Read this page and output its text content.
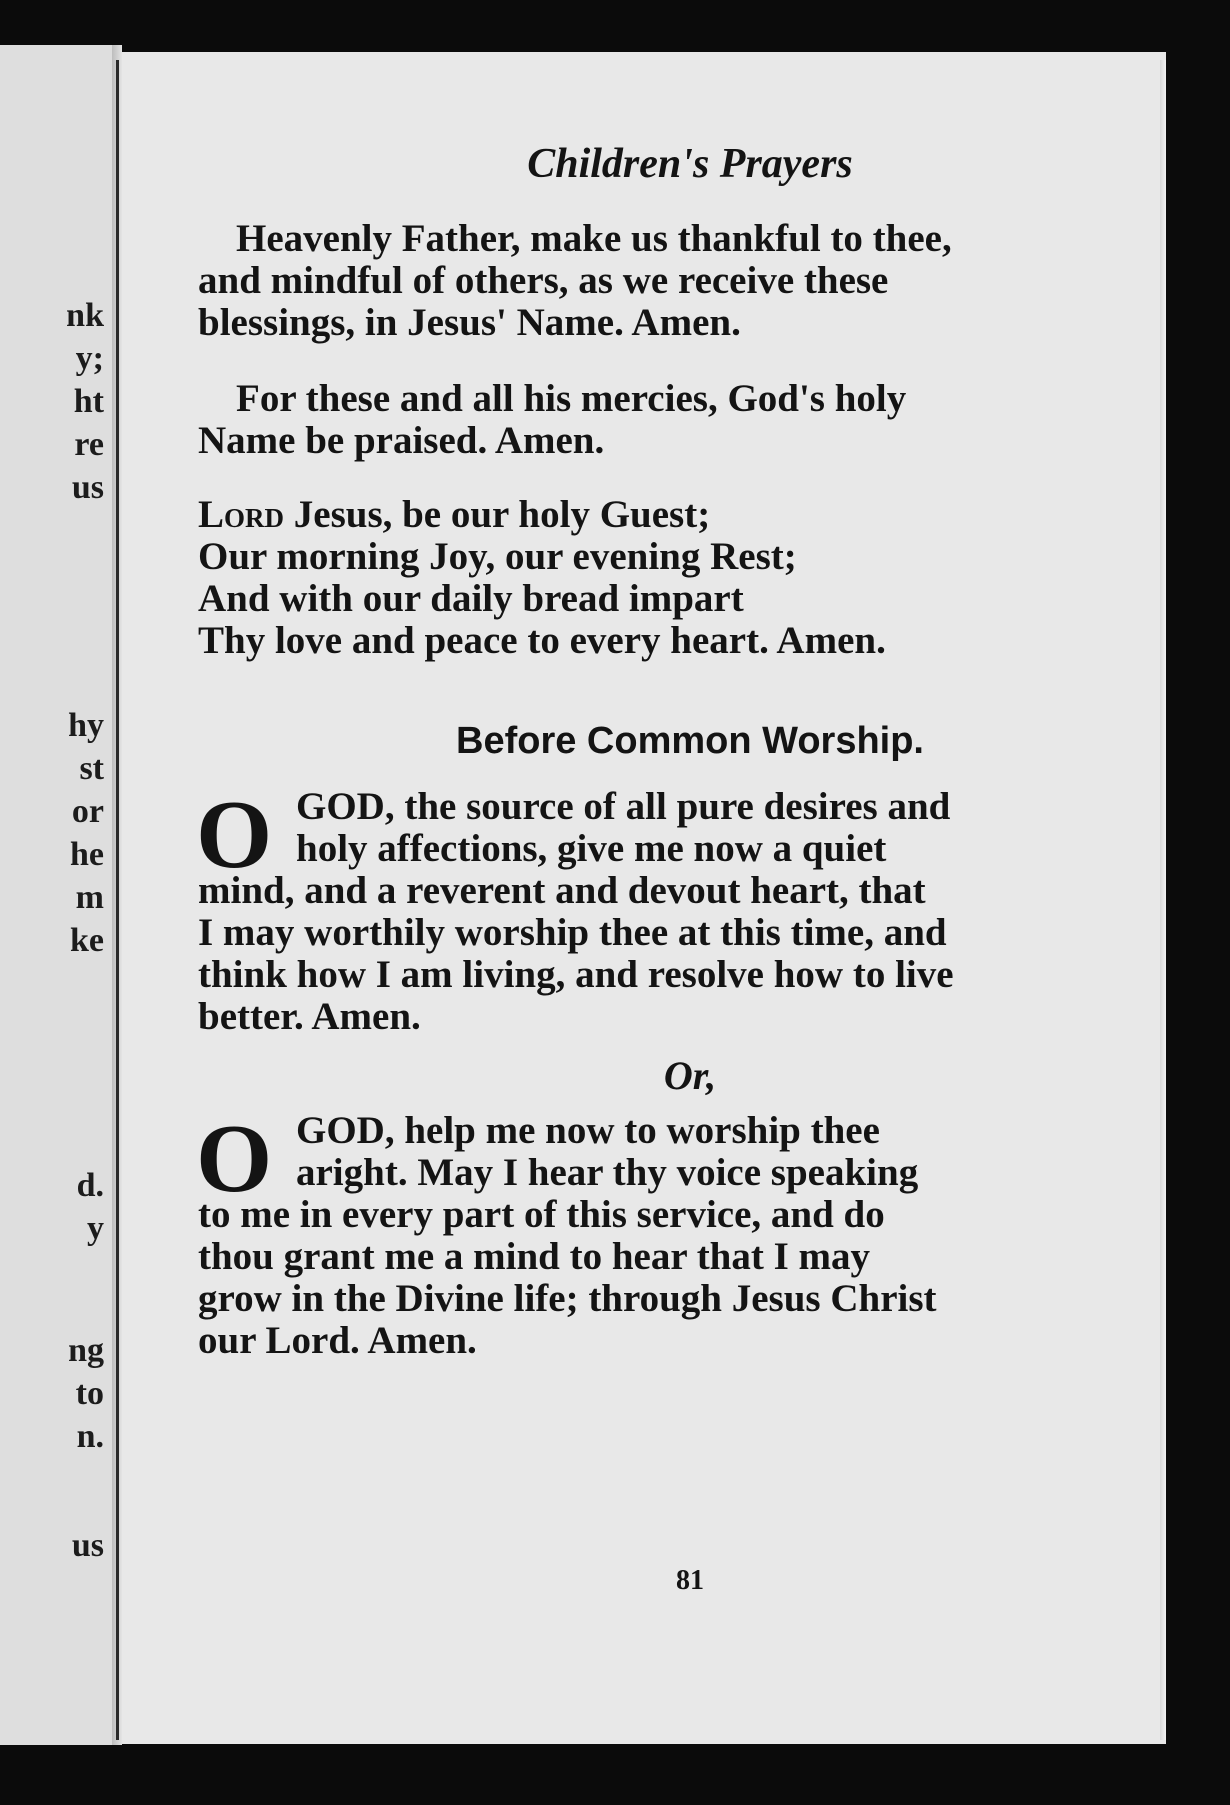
nk
y;
ht
re
us
hy
st
or
he
m
ke
d.
y
ng
to
n.
us
Children's Prayers
Heavenly Father, make us thankful to thee,
and mindful of others, as we receive these
blessings, in Jesus' Name. Amen.
For these and all his mercies, God's holy
Name be praised. Amen.
Lord Jesus, be our holy Guest;
Our morning Joy, our evening Rest;
And with our daily bread impart
Thy love and peace to every heart. Amen.
Before Common Worship.
O GOD, the source of all pure desires and
holy affections, give me now a quiet
mind, and a reverent and devout heart, that
I may worthily worship thee at this time, and
think how I am living, and resolve how to live
better. Amen.
Or,
O GOD, help me now to worship thee
aright. May I hear thy voice speaking
to me in every part of this service, and do
thou grant me a mind to hear that I may
grow in the Divine life; through Jesus Christ
our Lord. Amen.
81
